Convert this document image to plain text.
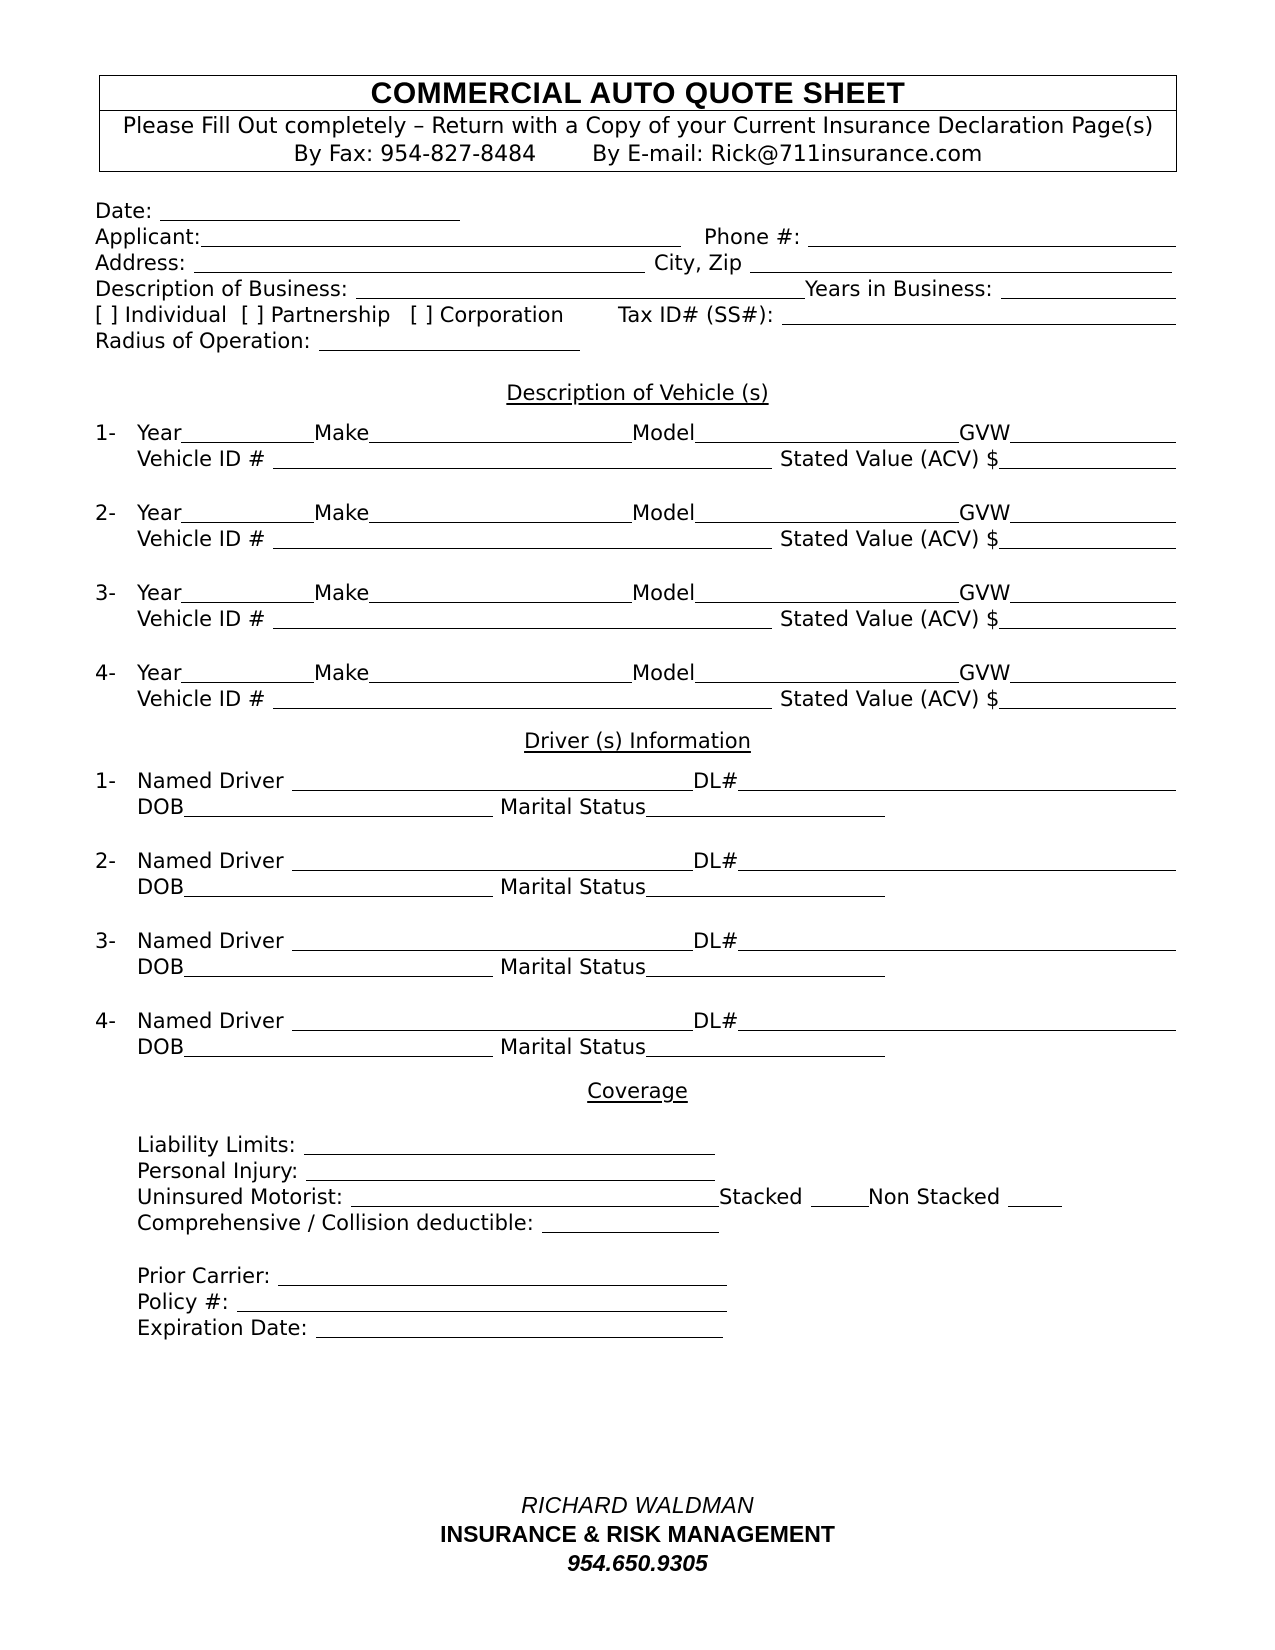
COMMERCIAL AUTO QUOTE SHEET
Please Fill Out completely – Return with a Copy of your Current Insurance Declaration Page(s)
By Fax: 954-827-8484	By E-mail: Rick@711insurance.com
Date:
Applicant:	Phone #:
Address:	City, Zip
Description of Business:	Years in Business:
[ ] Individual [ ] Partnership [ ] Corporation	Tax ID# (SS#):
Radius of Operation:
Description of Vehicle (s)
1- Year	Make	Model	GVW
Vehicle ID #	Stated Value (ACV) $
2- Year	Make	Model	GVW
Vehicle ID #	Stated Value (ACV) $
3- Year	Make	Model	GVW
Vehicle ID #	Stated Value (ACV) $
4- Year	Make	Model	GVW
Vehicle ID #	Stated Value (ACV) $
Driver (s) Information
1- Named Driver	DL#
DOB	Marital Status
2- Named Driver	DL#
DOB	Marital Status
3- Named Driver	DL#
DOB	Marital Status
4- Named Driver	DL#
DOB	Marital Status
Coverage
Liability Limits:
Personal Injury:
Uninsured Motorist:	Stacked	Non Stacked
Comprehensive / Collision deductible:
Prior Carrier:
Policy #:
Expiration Date:
RICHARD WALDMAN
INSURANCE & RISK MANAGEMENT
954.650.9305
